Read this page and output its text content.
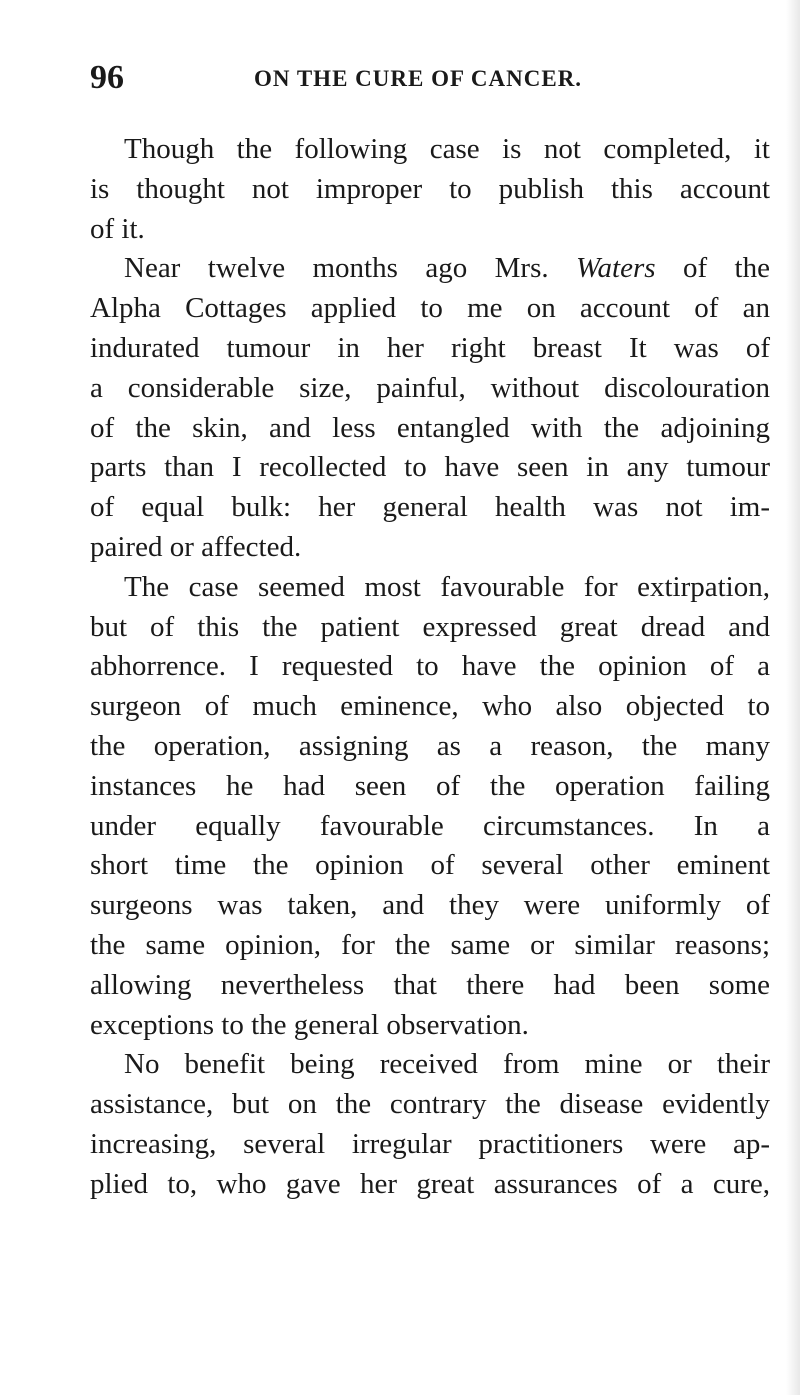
96	ON THE CURE OF CANCER.
Though the following case is not completed, it
is thought not improper to publish this account
of it.
Near twelve months ago Mrs. Waters of the
Alpha Cottages applied to me on account of an
indurated tumour in her right breast It was of
a considerable size, painful, without discolouration
of the skin, and less entangled with the adjoining
parts than I recollected to have seen in any tumour
of equal bulk: her general health was not im-
paired or affected.
The case seemed most favourable for extirpation,
but of this the patient expressed great dread and
abhorrence. I requested to have the opinion of a
surgeon of much eminence, who also objected to
the operation, assigning as a reason, the many
instances he had seen of the operation failing
under equally favourable circumstances. In a
short time the opinion of several other eminent
surgeons was taken, and they were uniformly of
the same opinion, for the same or similar reasons;
allowing nevertheless that there had been some
exceptions to the general observation.
No benefit being received from mine or their
assistance, but on the contrary the disease evidently
increasing, several irregular practitioners were ap-
plied to, who gave her great assurances of a cure,
